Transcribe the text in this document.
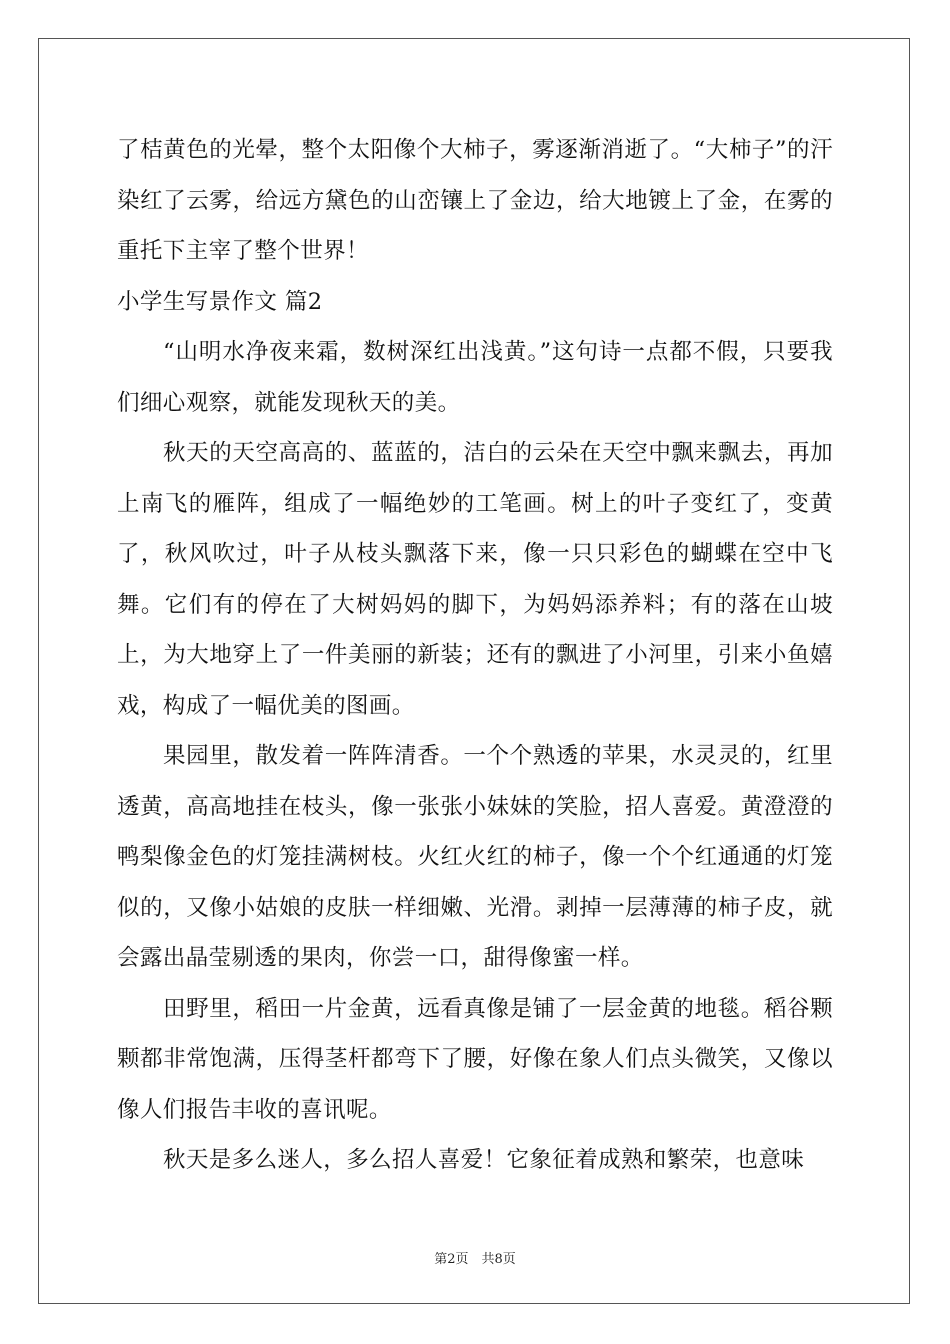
了桔黄色的光晕，整个太阳像个大柿子，雾逐渐消逝了。“大柿子”的汗染红了云雾，给远方黛色的山峦镶上了金边，给大地镀上了金，在雾的重托下主宰了整个世界！

小学生写景作文 篇2

“山明水净夜来霜，数树深红出浅黄。”这句诗一点都不假，只要我们细心观察，就能发现秋天的美。

秋天的天空高高的、蓝蓝的，洁白的云朵在天空中飘来飘去，再加上南飞的雁阵，组成了一幅绝妙的工笔画。树上的叶子变红了，变黄了，秋风吹过，叶子从枝头飘落下来，像一只只彩色的蝴蝶在空中飞舞。它们有的停在了大树妈妈的脚下，为妈妈添养料；有的落在山坡上，为大地穿上了一件美丽的新装；还有的飘进了小河里，引来小鱼嬉戏，构成了一幅优美的图画。

果园里，散发着一阵阵清香。一个个熟透的苹果，水灵灵的，红里透黄，高高地挂在枝头，像一张张小妹妹的笑脸，招人喜爱。黄澄澄的鸭梨像金色的灯笼挂满树枝。火红火红的柿子，像一个个红通通的灯笼似的，又像小姑娘的皮肤一样细嫩、光滑。剥掉一层薄薄的柿子皮，就会露出晶莹剔透的果肉，你尝一口，甜得像蜜一样。

田野里，稻田一片金黄，远看真像是铺了一层金黄的地毯。稻谷颗颗都非常饱满，压得茎杆都弯下了腰，好像在象人们点头微笑，又像以像人们报告丰收的喜讯呢。

秋天是多么迷人，多么招人喜爱！它象征着成熟和繁荣，也意味

第2页　共8页
